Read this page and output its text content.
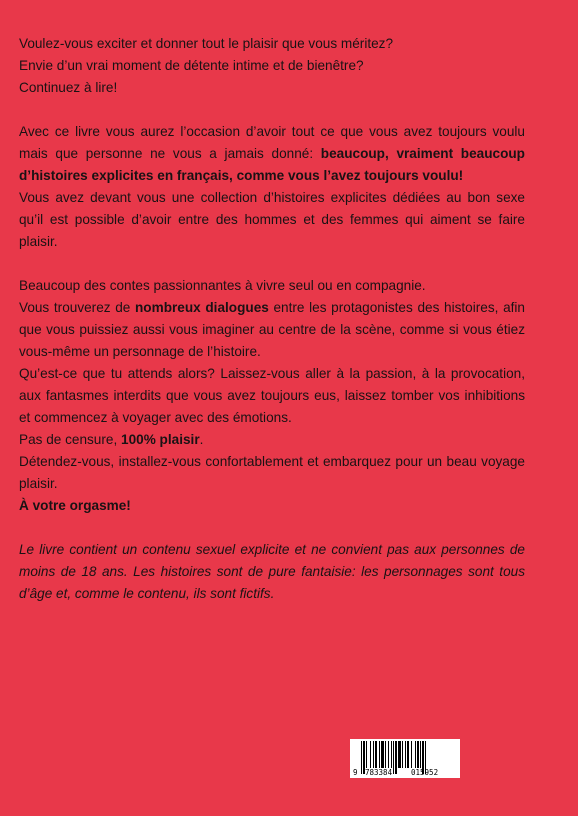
Voulez-vous exciter et donner tout le plaisir que vous méritez?

Envie d’un vrai moment de détente intime et de bienêtre?

Continuez à lire!

Avec ce livre vous aurez l’occasion d’avoir tout ce que vous avez toujours voulu mais que personne ne vous a jamais donné: beaucoup, vraiment beaucoup d’histoires explicites en français, comme vous l’avez toujours voulu!

Vous avez devant vous une collection d’histoires explicites dédiées au bon sexe qu’il est possible d’avoir entre des hommes et des femmes qui aiment se faire plaisir.

Beaucoup des contes passionnantes à vivre seul ou en compagnie.

Vous trouverez de nombreux dialogues entre les protagonistes des histoires, afin que vous puissiez aussi vous imaginer au centre de la scène, comme si vous étiez vous-même un personnage de l’histoire.

Qu’est-ce que tu attends alors? Laissez-vous aller à la passion, à la provocation, aux fantasmes interdits que vous avez toujours eus, laissez tomber vos inhibitions et commencez à voyager avec des émotions.

Pas de censure, 100% plaisir.

Détendez-vous, installez-vous confortablement et embarquez pour un beau voyage plaisir.

À votre orgasme!

Le livre contient un contenu sexuel explicite et ne convient pas aux personnes de moins de 18 ans. Les histoires sont de pure fantaisie: les personnages sont tous d’âge et, comme le contenu, ils sont fictifs.

9 783384	015952
